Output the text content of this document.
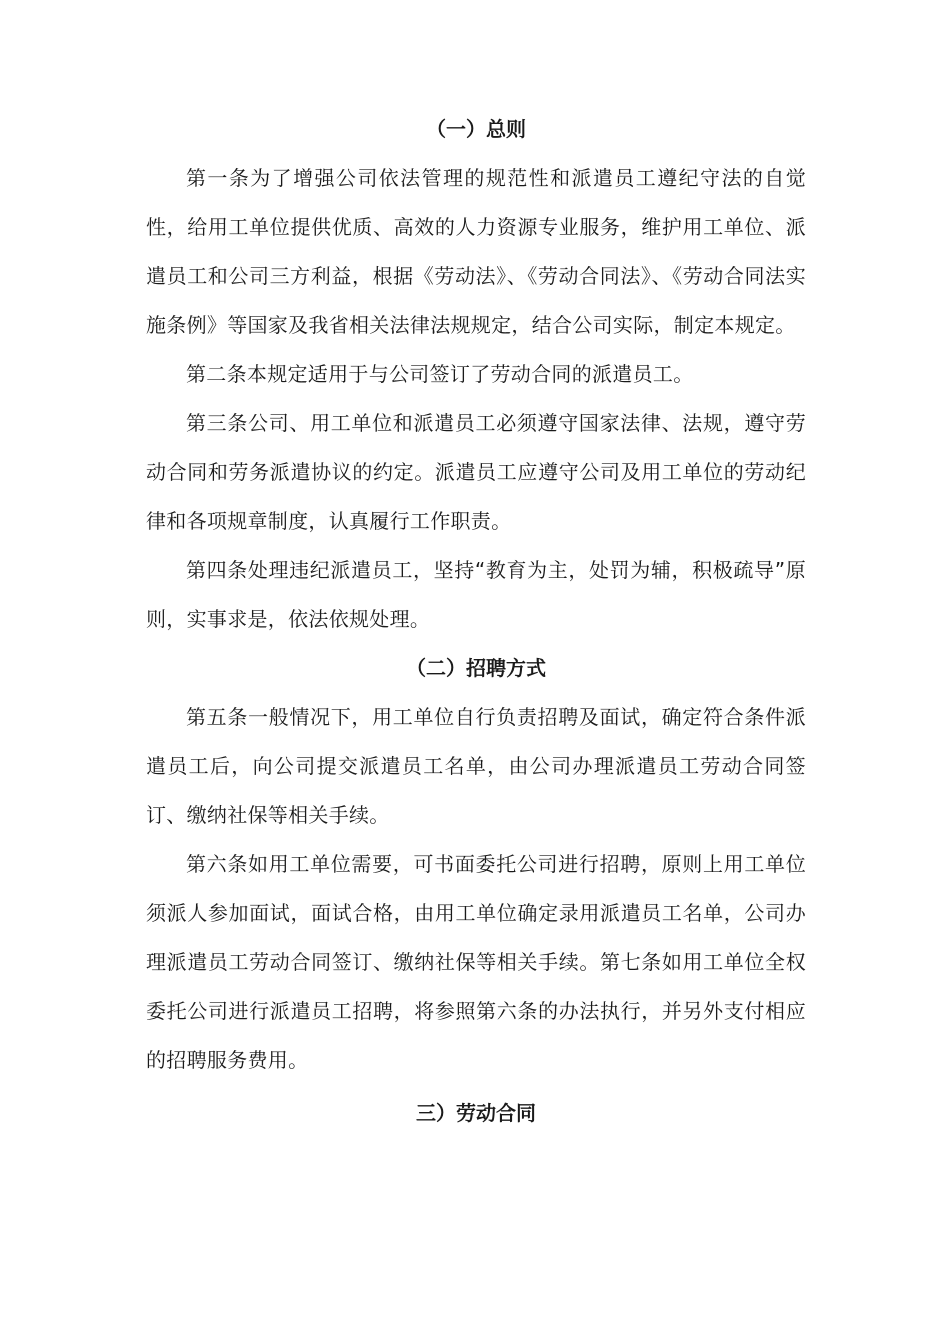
（一）总则

第一条为了增强公司依法管理的规范性和派遣员工遵纪守法的自觉性，给用工单位提供优质、高效的人力资源专业服务，维护用工单位、派遣员工和公司三方利益，根据《劳动法》、《劳动合同法》、《劳动合同法实施条例》等国家及我省相关法律法规规定，结合公司实际，制定本规定。

第二条本规定适用于与公司签订了劳动合同的派遣员工。

第三条公司、用工单位和派遣员工必须遵守国家法律、法规，遵守劳动合同和劳务派遣协议的约定。派遣员工应遵守公司及用工单位的劳动纪律和各项规章制度，认真履行工作职责。

第四条处理违纪派遣员工，坚持“教育为主，处罚为辅，积极疏导”原则，实事求是，依法依规处理。

（二）招聘方式

第五条一般情况下，用工单位自行负责招聘及面试，确定符合条件派遣员工后，向公司提交派遣员工名单，由公司办理派遣员工劳动合同签订、缴纳社保等相关手续。

第六条如用工单位需要，可书面委托公司进行招聘，原则上用工单位须派人参加面试，面试合格，由用工单位确定录用派遣员工名单，公司办理派遣员工劳动合同签订、缴纳社保等相关手续。第七条如用工单位全权委托公司进行派遣员工招聘，将参照第六条的办法执行，并另外支付相应的招聘服务费用。

三）劳动合同
